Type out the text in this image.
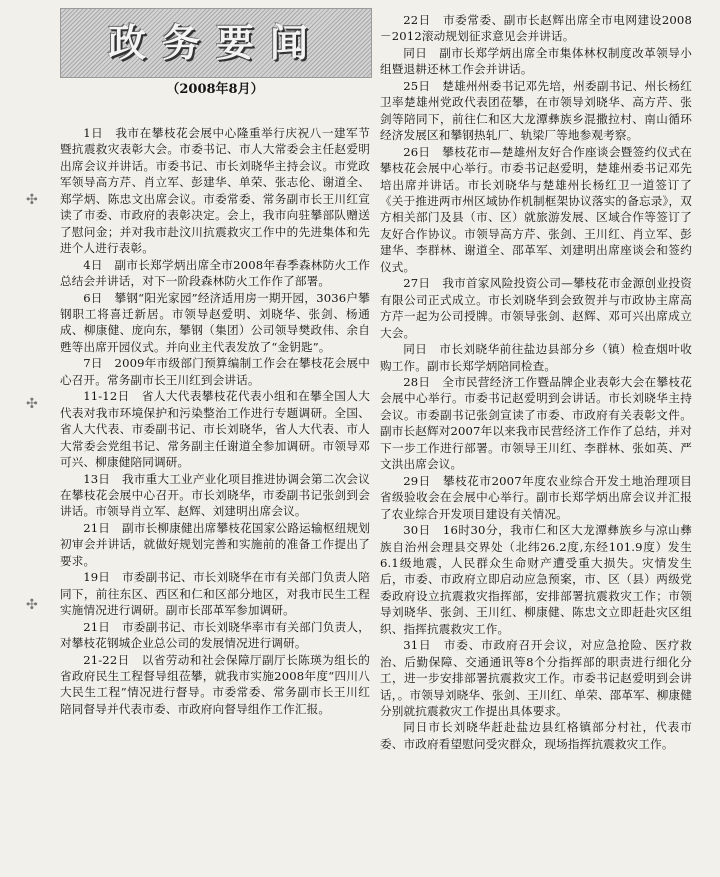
政务要闻
（2008年8月）

1日　我市在攀枝花会展中心隆重举行庆祝八一建军节暨抗震救灾表彰大会。市委书记、市人大常委会主任赵爱明出席会议并讲话。市委书记、市长刘晓华主持会议。市党政军领导高方芹、肖立军、彭建华、单荣、张志伦、谢道全、郑学炳、陈忠文出席会议。市委常委、常务副市长王川红宣读了市委、市政府的表彰决定。会上，我市向驻攀部队赠送了慰问金；并对我市赴汶川抗震救灾工作中的先进集体和先进个人进行表彰。

4日　副市长郑学炳出席全市2008年春季森林防火工作总结会并讲话，对下一阶段森林防火工作作了部署。

6日　攀钢“阳光家园”经济适用房一期开园，3036户攀钢职工将喜迁新居。市领导赵爱明、刘晓华、张剑、杨通成、柳康健、庞向东，攀钢（集团）公司领导樊政伟、余自甦等出席开园仪式。并向业主代表发放了“金钥匙”。

7日　2009年市级部门预算编制工作会在攀枝花会展中心召开。常务副市长王川红到会讲话。

11-12日　省人大代表攀枝花代表小组和在攀全国人大代表对我市环境保护和污染整治工作进行专题调研。全国、省人大代表、市委副书记、市长刘晓华，省人大代表、市人大常委会党组书记、常务副主任谢道全参加调研。市领导邓可兴、柳康健陪同调研。

13日　我市重大工业产业化项目推进协调会第二次会议在攀枝花会展中心召开。市长刘晓华，市委副书记张剑到会讲话。市领导肖立军、赵辉、刘建明出席会议。

21日　副市长柳康健出席攀枝花国家公路运输枢纽规划初审会并讲话，就做好规划完善和实施前的准备工作提出了要求。

19日　市委副书记、市长刘晓华在市有关部门负责人陪同下，前往东区、西区和仁和区部分地区，对我市民生工程实施情况进行调研。副市长邵革军参加调研。

21日　市委副书记、市长刘晓华率市有关部门负责人，对攀枝花钢城企业总公司的发展情况进行调研。

21-22日　以省劳动和社会保障厅副厅长陈瑛为组长的省政府民生工程督导组莅攀，就我市实施2008年度“四川八大民生工程”情况进行督导。市委常委、常务副市长王川红陪同督导并代表市委、市政府向督导组作工作汇报。

22日　市委常委、副市长赵辉出席全市电网建设2008－2012滚动规划征求意见会并讲话。

同日　副市长郑学炳出席全市集体林权制度改革领导小组暨退耕还林工作会并讲话。

25日　楚雄州州委书记邓先培，州委副书记、州长杨红卫率楚雄州党政代表团莅攀，在市领导刘晓华、高方芹、张剑等陪同下，前往仁和区大龙潭彝族乡混撒拉村、南山循环经济发展区和攀钢热轧厂、轨梁厂等地参观考察。

26日　攀枝花市—楚雄州友好合作座谈会暨签约仪式在攀枝花会展中心举行。市委书记赵爱明，楚雄州委书记邓先培出席并讲话。市长刘晓华与楚雄州长杨红卫一道签订了《关于推进两市州区域协作机制框架协议落实的备忘录》，双方相关部门及县（市、区）就旅游发展、区域合作等签订了友好合作协议。市领导高方芹、张剑、王川红、肖立军、彭建华、李群林、谢道全、邵革军、刘建明出席座谈会和签约仪式。

27日　我市首家风险投资公司—攀枝花市金源创业投资有限公司正式成立。市长刘晓华到会致贺并与市政协主席高方芹一起为公司授牌。市领导张剑、赵辉、邓可兴出席成立大会。

同日　市长刘晓华前往盐边县部分乡（镇）检查烟叶收购工作。副市长郑学炳陪同检查。

28日　全市民营经济工作暨品牌企业表彰大会在攀枝花会展中心举行。市委书记赵爱明到会讲话。市长刘晓华主持会议。市委副书记张剑宣读了市委、市政府有关表彰文件。副市长赵辉对2007年以来我市民营经济工作作了总结，并对下一步工作进行部署。市领导王川红、李群林、张如英、严文洪出席会议。

29日　攀枝花市2007年度农业综合开发土地治理项目省级验收会在会展中心举行。副市长郑学炳出席会议并汇报了农业综合开发项目建设有关情况。

30日　16时30分，我市仁和区大龙潭彝族乡与凉山彝族自治州会理县交界处（北纬26.2度,东经101.9度）发生6.1级地震，人民群众生命财产遭受重大损失。灾情发生后，市委、市政府立即启动应急预案，市、区（县）两级党委政府设立抗震救灾指挥部，安排部署抗震救灾工作；市领导刘晓华、张剑、王川红、柳康健、陈忠文立即赶赴灾区组织、指挥抗震救灾工作。

31日　市委、市政府召开会议，对应急抢险、医疗救治、后勤保障、交通通讯等8个分指挥部的职责进行细化分工，进一步安排部署抗震救灾工作。市委书记赵爱明到会讲话，。市领导刘晓华、张剑、王川红、单荣、邵革军、柳康健分别就抗震救灾工作提出具体要求。

同日市长刘晓华赶赴盐边县红格镇部分村社，代表市委、市政府看望慰问受灾群众，现场指挥抗震救灾工作。

✣
✣
✣
